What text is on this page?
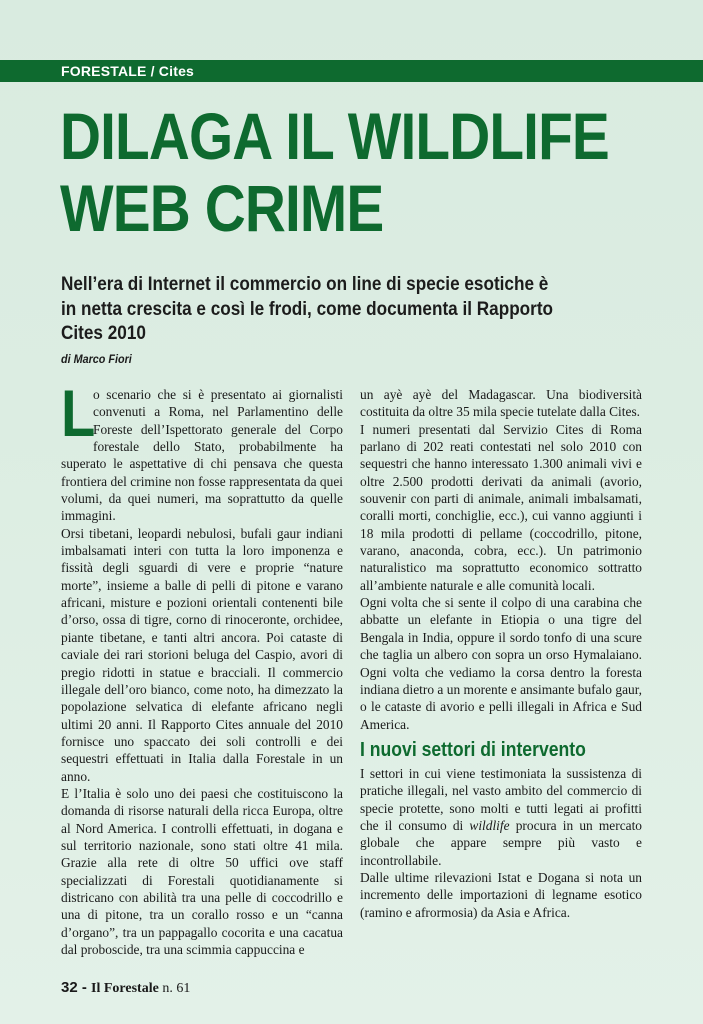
FORESTALE / Cites
DILAGA IL WILDLIFE
WEB CRIME
Nell’era di Internet il commercio on line di specie esotiche è
in netta crescita e così le frodi, come documenta il Rapporto
Cites 2010
di Marco Fiori

L
o scenario che si è presentato ai giornalisti convenuti a Roma, nel Parlamentino delle Foreste dell’Ispettorato generale del Corpo forestale dello Stato, probabilmente ha superato le aspettative di chi pensava che questa frontiera del crimine non fosse rappresentata da quei volumi, da quei numeri, ma soprattutto da quelle immagini.

Orsi tibetani, leopardi nebulosi, bufali gaur indiani imbalsamati interi con tutta la loro imponenza e fissità degli sguardi di vere e proprie “nature morte”, insieme a balle di pelli di pitone e varano africani, misture e pozioni orientali contenenti bile d’orso, ossa di tigre, corno di rinoceronte, orchidee, piante tibetane, e tanti altri ancora. Poi cataste di caviale dei rari storioni beluga del Caspio, avori di pregio ridotti in statue e bracciali. Il commercio illegale dell’oro bianco, come noto, ha dimezzato la popolazione selvatica di elefante africano negli ultimi 20 anni. Il Rapporto Cites annuale del 2010 fornisce uno spaccato dei soli controlli e dei sequestri effettuati in Italia dalla Forestale in un anno.

E l’Italia è solo uno dei paesi che costituiscono la domanda di risorse naturali della ricca Europa, oltre al Nord America. I controlli effettuati, in dogana e sul territorio nazionale, sono stati oltre 41 mila. Grazie alla rete di oltre 50 uffici ove staff specializzati di Forestali quotidianamente si districano con abilità tra una pelle di coccodrillo e una di pitone, tra un corallo rosso e un “canna d’organo”, tra un pappagallo cocorita e una cacatua dal proboscide, tra una scimmia cappuccina e

un ayè ayè del Madagascar. Una biodiversità costituita da oltre 35 mila specie tutelate dalla Cites.

I numeri presentati dal Servizio Cites di Roma parlano di 202 reati contestati nel solo 2010 con sequestri che hanno interessato 1.300 animali vivi e oltre 2.500 prodotti derivati da animali (avorio, souvenir con parti di animale, animali imbalsamati, coralli morti, conchiglie, ecc.), cui vanno aggiunti i 18 mila prodotti di pellame (coccodrillo, pitone, varano, anaconda, cobra, ecc.). Un patrimonio naturalistico ma soprattutto economico sottratto all’ambiente naturale e alle comunità locali.

Ogni volta che si sente il colpo di una carabina che abbatte un elefante in Etiopia o una tigre del Bengala in India, oppure il sordo tonfo di una scure che taglia un albero con sopra un orso Hymalaiano. Ogni volta che vediamo la corsa dentro la foresta indiana dietro a un morente e ansimante bufalo gaur, o le cataste di avorio e pelli illegali in Africa e Sud America.

I nuovi settori di intervento

I settori in cui viene testimoniata la sussistenza di pratiche illegali, nel vasto ambito del commercio di specie protette, sono molti e tutti legati ai profitti che il consumo di wildlife procura in un mercato globale che appare sempre più vasto e incontrollabile.

Dalle ultime rilevazioni Istat e Dogana si nota un incremento delle importazioni di legname esotico (ramino e afrormosia) da Asia e Africa.

32 - Il Forestale n. 61
